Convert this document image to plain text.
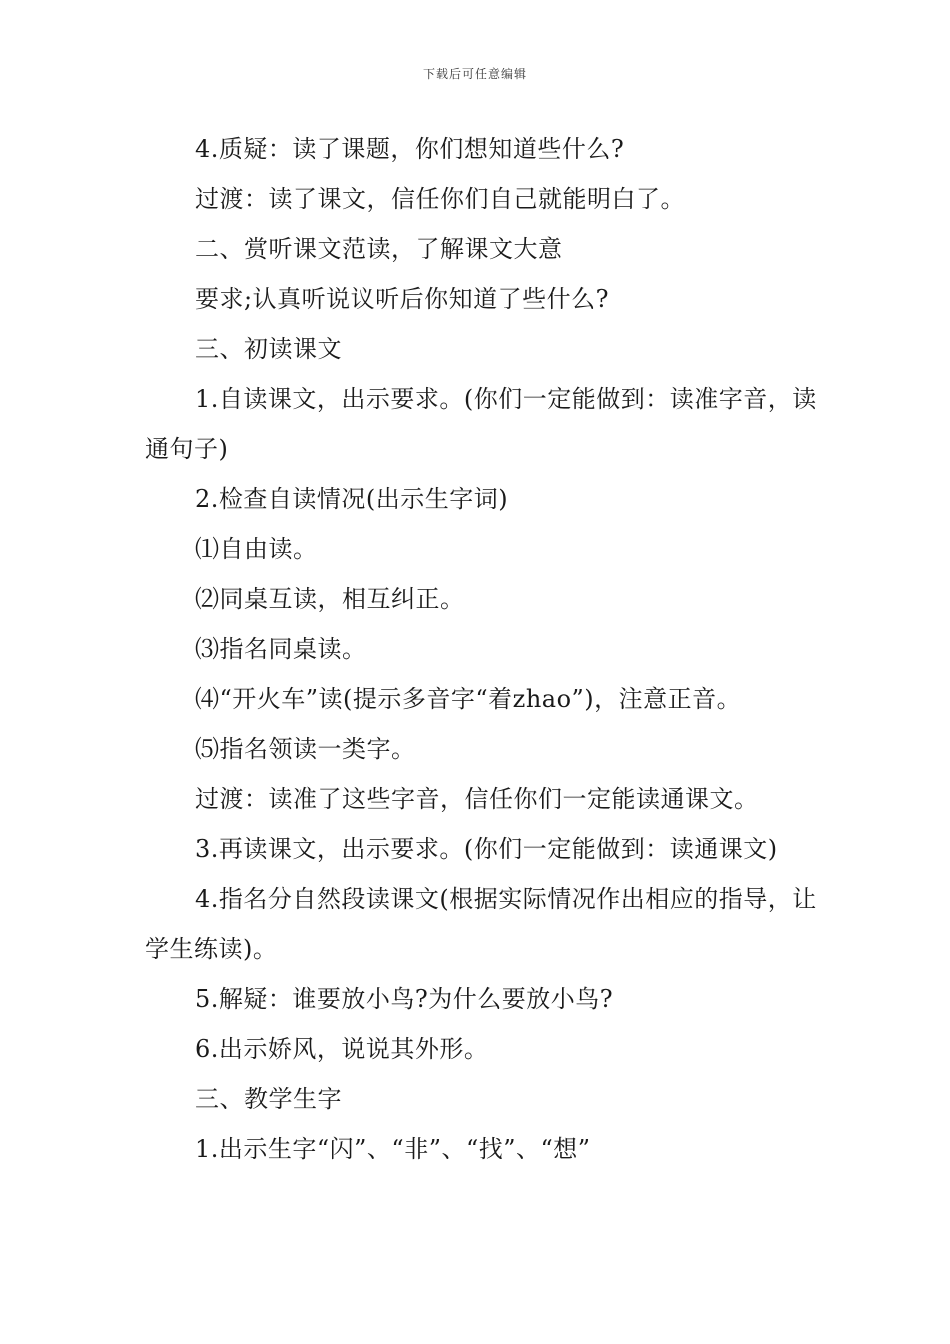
下载后可任意编辑

4.质疑：读了课题，你们想知道些什么?

过渡：读了课文，信任你们自己就能明白了。

二、赏听课文范读，了解课文大意

要求;认真听说议听后你知道了些什么?

三、初读课文

1.自读课文，出示要求。(你们一定能做到：读准字音，读通句子)

2.检查自读情况(出示生字词)

⑴自由读。

⑵同桌互读，相互纠正。

⑶指名同桌读。

⑷“开火车”读(提示多音字“着zhao”)，注意正音。

⑸指名领读一类字。

过渡：读准了这些字音，信任你们一定能读通课文。

3.再读课文，出示要求。(你们一定能做到：读通课文)

4.指名分自然段读课文(根据实际情况作出相应的指导，让学生练读)。

5.解疑：谁要放小鸟?为什么要放小鸟?

6.出示娇风，说说其外形。

三、教学生字

1.出示生字“闪”、“非”、“找”、“想”
